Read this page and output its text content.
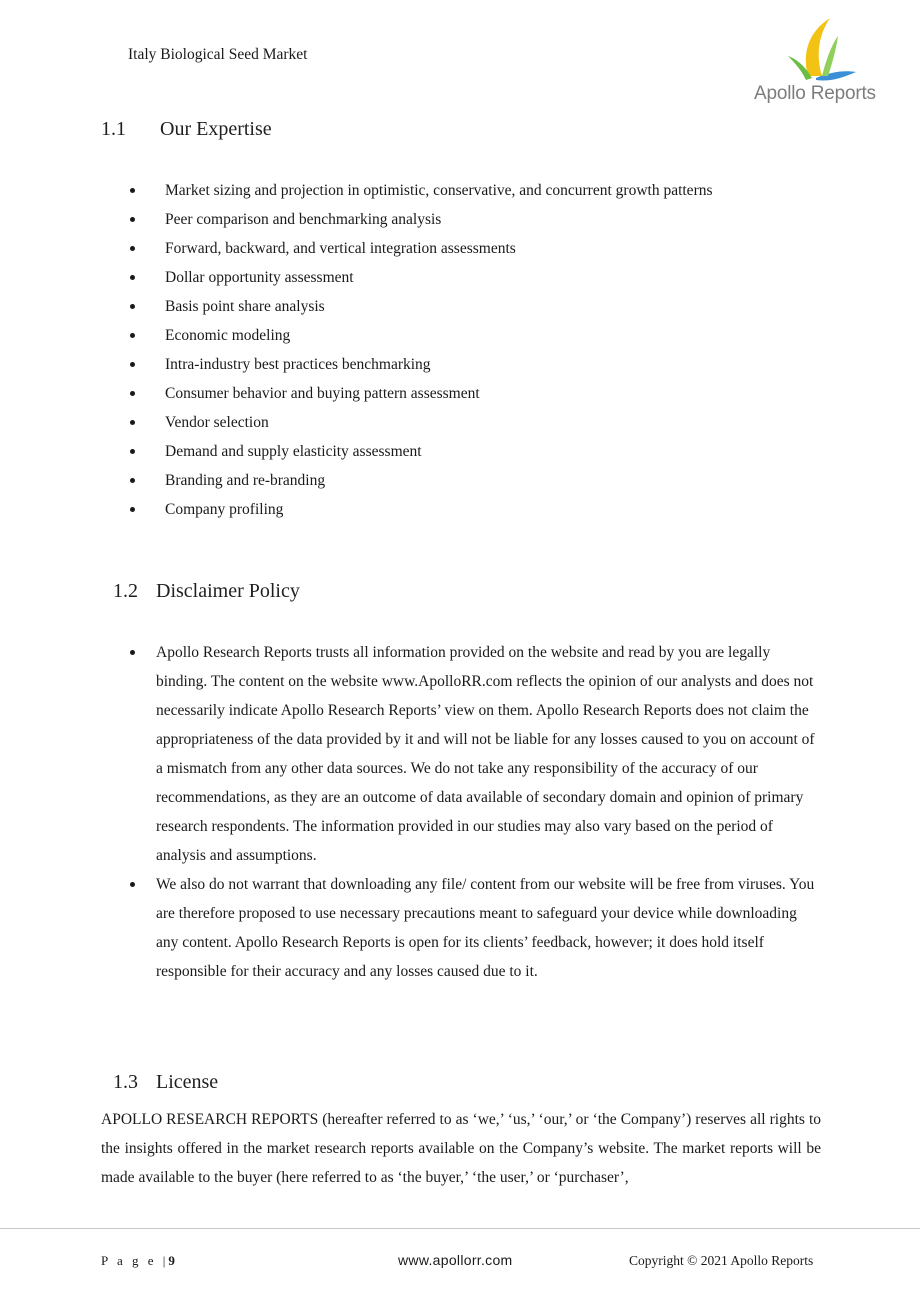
Italy Biological Seed Market
Apollo Reports
1.1 Our Expertise
Market sizing and projection in optimistic, conservative, and concurrent growth patterns
Peer comparison and benchmarking analysis
Forward, backward, and vertical integration assessments
Dollar opportunity assessment
Basis point share analysis
Economic modeling
Intra-industry best practices benchmarking
Consumer behavior and buying pattern assessment
Vendor selection
Demand and supply elasticity assessment
Branding and re-branding
Company profiling
1.2 Disclaimer Policy
Apollo Research Reports trusts all information provided on the website and read by you are legally binding. The content on the website www.ApolloRR.com reflects the opinion of our analysts and does not necessarily indicate Apollo Research Reports’ view on them. Apollo Research Reports does not claim the appropriateness of the data provided by it and will not be liable for any losses caused to you on account of a mismatch from any other data sources. We do not take any responsibility of the accuracy of our recommendations, as they are an outcome of data available of secondary domain and opinion of primary research respondents. The information provided in our studies may also vary based on the period of analysis and assumptions.
We also do not warrant that downloading any file/ content from our website will be free from viruses. You are therefore proposed to use necessary precautions meant to safeguard your device while downloading any content. Apollo Research Reports is open for its clients’ feedback, however; it does hold itself responsible for their accuracy and any losses caused due to it.
1.3 License
APOLLO RESEARCH REPORTS (hereafter referred to as ‘we,’ ‘us,’ ‘our,’ or ‘the Company’) reserves all rights to the insights offered in the market research reports available on the Company’s website. The market reports will be made available to the buyer (here referred to as ‘the buyer,’ ‘the user,’ or ‘purchaser’,
P a g e |9	www.apollorr.com	Copyright © 2021 Apollo Reports
